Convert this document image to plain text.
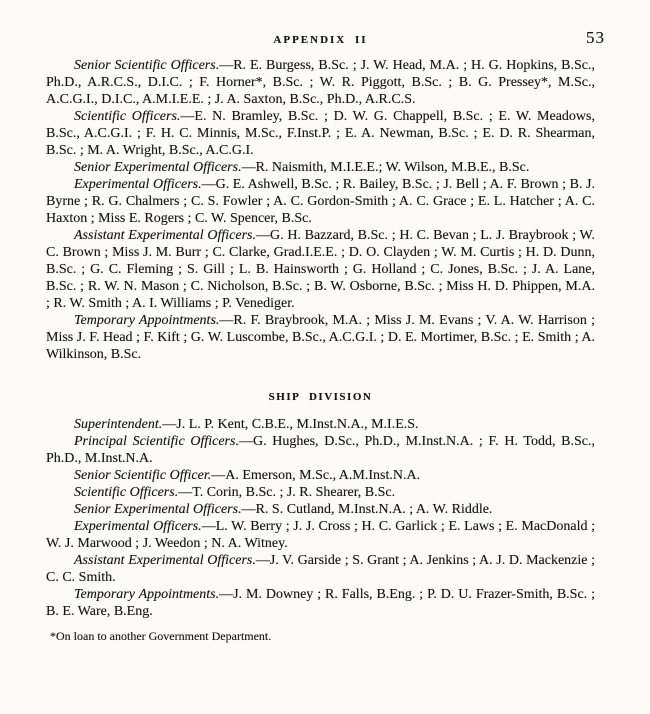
APPENDIX II	53

Senior Scientific Officers.—R. E. Burgess, B.Sc. ; J. W. Head, M.A. ; H. G. Hopkins, B.Sc., Ph.D., A.R.C.S., D.I.C. ; F. Horner*, B.Sc. ; W. R. Piggott, B.Sc. ; B. G. Pressey*, M.Sc., A.C.G.I., D.I.C., A.M.I.E.E. ; J. A. Saxton, B.Sc., Ph.D., A.R.C.S.

Scientific Officers.—E. N. Bramley, B.Sc. ; D. W. G. Chappell, B.Sc. ; E. W. Meadows, B.Sc., A.C.G.I. ; F. H. C. Minnis, M.Sc., F.Inst.P. ; E. A. Newman, B.Sc. ; E. D. R. Shearman, B.Sc. ; M. A. Wright, B.Sc., A.C.G.I.

Senior Experimental Officers.—R. Naismith, M.I.E.E.; W. Wilson, M.B.E., B.Sc.

Experimental Officers.—G. E. Ashwell, B.Sc. ; R. Bailey, B.Sc. ; J. Bell ; A. F. Brown ; B. J. Byrne ; R. G. Chalmers ; C. S. Fowler ; A. C. Gordon-Smith ; A. C. Grace ; E. L. Hatcher ; A. C. Haxton ; Miss E. Rogers ; C. W. Spencer, B.Sc.

Assistant Experimental Officers.—G. H. Bazzard, B.Sc. ; H. C. Bevan ; L. J. Braybrook ; W. C. Brown ; Miss J. M. Burr ; C. Clarke, Grad.I.E.E. ; D. O. Clayden ; W. M. Curtis ; H. D. Dunn, B.Sc. ; G. C. Fleming ; S. Gill ; L. B. Hainsworth ; G. Holland ; C. Jones, B.Sc. ; J. A. Lane, B.Sc. ; R. W. N. Mason ; C. Nicholson, B.Sc. ; B. W. Osborne, B.Sc. ; Miss H. D. Phippen, M.A. ; R. W. Smith ; A. I. Williams ; P. Venediger.

Temporary Appointments.—R. F. Braybrook, M.A. ; Miss J. M. Evans ; V. A. W. Harrison ; Miss J. F. Head ; F. Kift ; G. W. Luscombe, B.Sc., A.C.G.I. ; D. E. Mortimer, B.Sc. ; E. Smith ; A. Wilkinson, B.Sc.

SHIP DIVISION

Superintendent.—J. L. P. Kent, C.B.E., M.Inst.N.A., M.I.E.S.

Principal Scientific Officers.—G. Hughes, D.Sc., Ph.D., M.Inst.N.A. ; F. H. Todd, B.Sc., Ph.D., M.Inst.N.A.

Senior Scientific Officer.—A. Emerson, M.Sc., A.M.Inst.N.A.

Scientific Officers.—T. Corin, B.Sc. ; J. R. Shearer, B.Sc.

Senior Experimental Officers.—R. S. Cutland, M.Inst.N.A. ; A. W. Riddle.

Experimental Officers.—L. W. Berry ; J. J. Cross ; H. C. Garlick ; E. Laws ; E. MacDonald ; W. J. Marwood ; J. Weedon ; N. A. Witney.

Assistant Experimental Officers.—J. V. Garside ; S. Grant ; A. Jenkins ; A. J. D. Mackenzie ; C. C. Smith.

Temporary Appointments.—J. M. Downey ; R. Falls, B.Eng. ; P. D. U. Frazer-Smith, B.Sc. ; B. E. Ware, B.Eng.

*On loan to another Government Department.
